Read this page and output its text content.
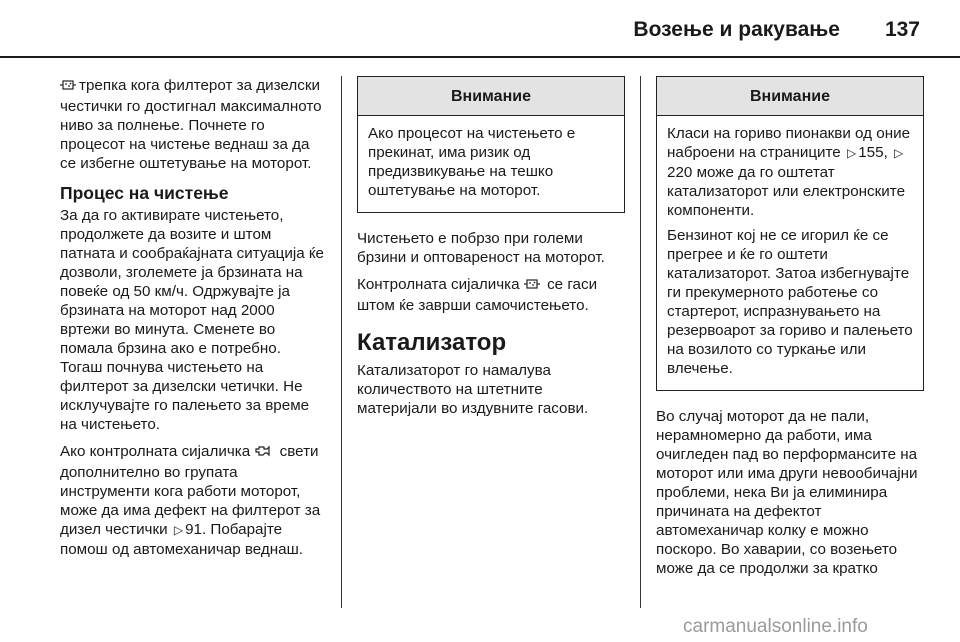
Возење и ракување 137

трепка кога филтерот за дизелски честички го достигнал максималното ниво за полнење. Почнете го процесот на чистење веднаш за да се избегне оштетување на моторот.

Процес на чистење

За да го активирате чистењето, продолжете да возите и штом патната и сообраќајната ситуација ќе дозволи, зголемете ја брзината на повеќе од 50 км/ч. Одржувајте ја брзината на моторот над 2000 вртежи во минута. Сменете во помала брзина ако е потребно. Тогаш почнува чистењето на филтерот за дизелски четички. Не исклучувајте го палењето за време на чистењето.

Ако контролната сијаличка свети дополнително во групата инструменти кога работи моторот, може да има дефект на филтерот за дизел честички ▷ 91. Побарајте помош од автомеханичар веднаш.

Внимание

Ако процесот на чистењето е прекинат, има ризик од предизвикување на тешко оштетување на моторот.

Чистењето е побрзо при големи брзини и оптовареност на моторот.

Контролната сијаличка се гаси штом ќе заврши самочистењето.

Катализатор

Катализаторот го намалува количеството на штетните материјали во издувните гасови.

Внимание

Класи на гориво пионакви од оние наброени на страниците ▷ 155, ▷220 може да го оштетат катализаторот или електронските компоненти.

Бензинот кој не се игорил ќе се прегрее и ќе го оштети катализаторот. Затоа избегнувајте ги прекумерното работење со стартерот, испразнувањето на резервоарот за гориво и палењето на возилото со туркање или влечење.

Во случај моторот да не пали, нерамномерно да работи, има очигледен пад во перформансите на моторот или има други невообичајни проблеми, нека Ви ја елиминира причината на дефектот автомеханичар колку е можно поскоро. Во хаварии, со возењето може да се продолжи за кратко

carmanualsonline.info
